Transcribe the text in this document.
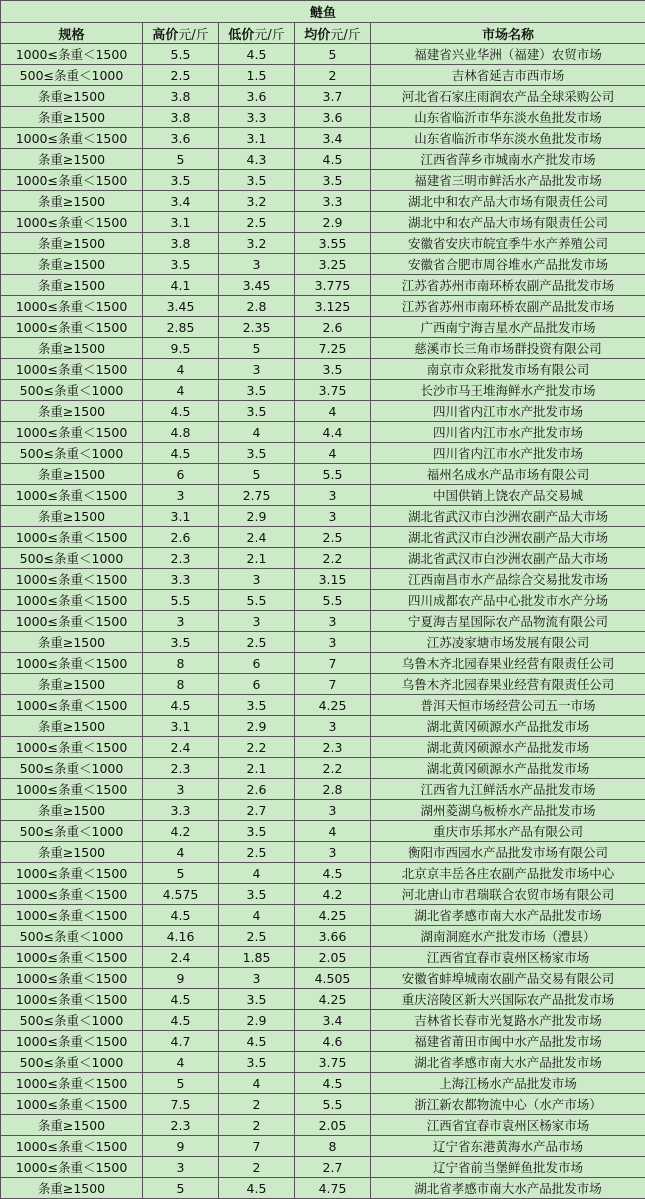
鲢鱼				
规格	高价元/斤	低价元/斤	均价元/斤	市场名称
1000≤条重＜1500	5.5	4.5	5	福建省兴业华洲（福建）农贸市场
500≤条重＜1000	2.5	1.5	2	吉林省延吉市西市场
条重≥1500	3.8	3.6	3.7	河北省石家庄雨润农产品全球采购公司
条重≥1500	3.8	3.3	3.6	山东省临沂市华东淡水鱼批发市场
1000≤条重＜1500	3.6	3.1	3.4	山东省临沂市华东淡水鱼批发市场
条重≥1500	5	4.3	4.5	江西省萍乡市城南水产批发市场
1000≤条重＜1500	3.5	3.5	3.5	福建省三明市鲜活水产品批发市场
条重≥1500	3.4	3.2	3.3	湖北中和农产品大市场有限责任公司
1000≤条重＜1500	3.1	2.5	2.9	湖北中和农产品大市场有限责任公司
条重≥1500	3.8	3.2	3.55	安徽省安庆市皖宜季牛水产养殖公司
条重≥1500	3.5	3	3.25	安徽省合肥市周谷堆水产品批发市场
条重≥1500	4.1	3.45	3.775	江苏省苏州市南环桥农副产品批发市场
1000≤条重＜1500	3.45	2.8	3.125	江苏省苏州市南环桥农副产品批发市场
1000≤条重＜1500	2.85	2.35	2.6	广西南宁海吉星水产品批发市场
条重≥1500	9.5	5	7.25	慈溪市长三角市场群投资有限公司
1000≤条重＜1500	4	3	3.5	南京市众彩批发市场有限公司
500≤条重＜1000	4	3.5	3.75	长沙市马王堆海鲜水产批发市场
条重≥1500	4.5	3.5	4	四川省内江市水产批发市场
1000≤条重＜1500	4.8	4	4.4	四川省内江市水产批发市场
500≤条重＜1000	4.5	3.5	4	四川省内江市水产批发市场
条重≥1500	6	5	5.5	福州名成水产品市场有限公司
1000≤条重＜1500	3	2.75	3	中国供销上饶农产品交易城
条重≥1500	3.1	2.9	3	湖北省武汉市白沙洲农副产品大市场
1000≤条重＜1500	2.6	2.4	2.5	湖北省武汉市白沙洲农副产品大市场
500≤条重＜1000	2.3	2.1	2.2	湖北省武汉市白沙洲农副产品大市场
1000≤条重＜1500	3.3	3	3.15	江西南昌市水产品综合交易批发市场
1000≤条重＜1500	5.5	5.5	5.5	四川成都农产品中心批发市水产分场
1000≤条重＜1500	3	3	3	宁夏海吉星国际农产品物流有限公司
条重≥1500	3.5	2.5	3	江苏凌家塘市场发展有限公司
1000≤条重＜1500	8	6	7	乌鲁木齐北园春果业经营有限责任公司
条重≥1500	8	6	7	乌鲁木齐北园春果业经营有限责任公司
1000≤条重＜1500	4.5	3.5	4.25	普洱天恒市场经营公司五一市场
条重≥1500	3.1	2.9	3	湖北黄冈硕源水产品批发市场
1000≤条重＜1500	2.4	2.2	2.3	湖北黄冈硕源水产品批发市场
500≤条重＜1000	2.3	2.1	2.2	湖北黄冈硕源水产品批发市场
1000≤条重＜1500	3	2.6	2.8	江西省九江鲜活水产品批发市场
条重≥1500	3.3	2.7	3	湖州菱湖乌板桥水产品批发市场
500≤条重＜1000	4.2	3.5	4	重庆市乐邦水产品有限公司
条重≥1500	4	2.5	3	衡阳市西园水产品批发市场有限公司
1000≤条重＜1500	5	4	4.5	北京京丰岳各庄农副产品批发市场中心
1000≤条重＜1500	4.575	3.5	4.2	河北唐山市君瑞联合农贸市场有限公司
1000≤条重＜1500	4.5	4	4.25	湖北省孝感市南大水产品批发市场
500≤条重＜1000	4.16	2.5	3.66	湖南洞庭水产批发市场（澧县）
1000≤条重＜1500	2.4	1.85	2.05	江西省宜春市袁州区杨家市场
1000≤条重＜1500	9	3	4.505	安徽省蚌埠城南农副产品交易有限公司
1000≤条重＜1500	4.5	3.5	4.25	重庆涪陵区新大兴国际农产品批发市场
500≤条重＜1000	4.5	2.9	3.4	吉林省长春市光复路水产批发市场
1000≤条重＜1500	4.7	4.5	4.6	福建省莆田市闽中水产品批发市场
500≤条重＜1000	4	3.5	3.75	湖北省孝感市南大水产品批发市场
1000≤条重＜1500	5	4	4.5	上海江杨水产品批发市场
1000≤条重＜1500	7.5	2	5.5	浙江新农都物流中心（水产市场）
条重≥1500	2.3	2	2.05	江西省宜春市袁州区杨家市场
1000≤条重＜1500	9	7	8	辽宁省东港黄海水产品市场
1000≤条重＜1500	3	2	2.7	辽宁省前当堡鲜鱼批发市场
条重≥1500	5	4.5	4.75	湖北省孝感市南大水产品批发市场
